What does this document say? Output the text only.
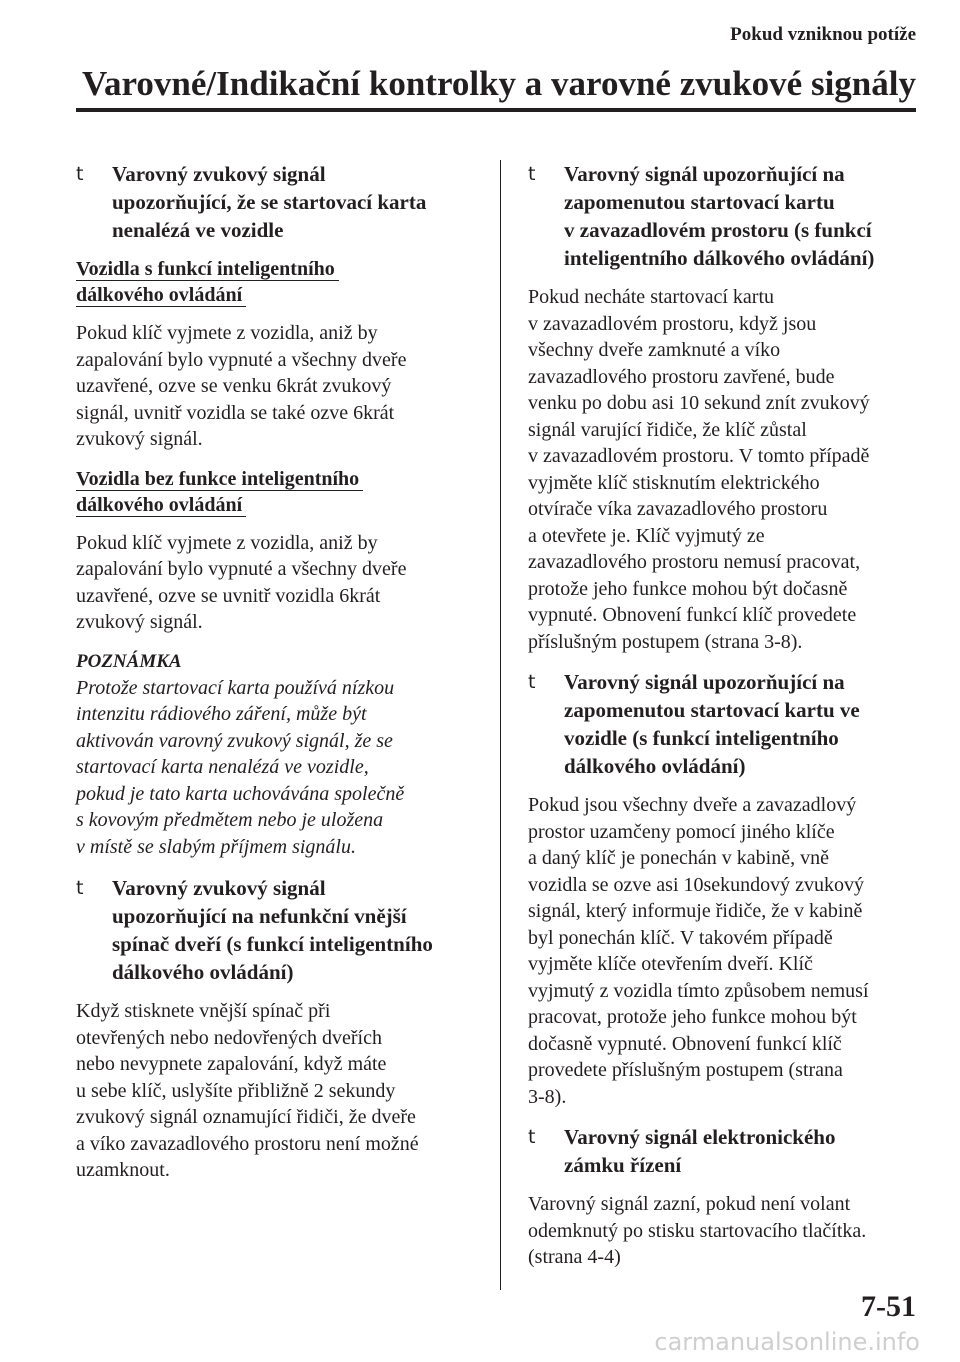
Pokud vzniknou potíže
Varovné/Indikační kontrolky a varovné zvukové signály
t Varovný zvukový signál
upozorňující, že se startovací karta
nenalézá ve vozidle
Vozidla s funkcí inteligentního
dálkového ovládání
Pokud klíč vyjmete z vozidla, aniž by
zapalování bylo vypnuté a všechny dveře
uzavřené, ozve se venku 6krát zvukový
signál, uvnitř vozidla se také ozve 6krát
zvukový signál.
Vozidla bez funkce inteligentního
dálkového ovládání
Pokud klíč vyjmete z vozidla, aniž by
zapalování bylo vypnuté a všechny dveře
uzavřené, ozve se uvnitř vozidla 6krát
zvukový signál.
POZNÁMKA
Protože startovací karta používá nízkou
intenzitu rádiového záření, může být
aktivován varovný zvukový signál, že se
startovací karta nenalézá ve vozidle,
pokud je tato karta uchovávána společně
s kovovým předmětem nebo je uložena
v místě se slabým příjmem signálu.
t Varovný zvukový signál
upozorňující na nefunkční vnější
spínač dveří (s funkcí inteligentního
dálkového ovládání)
Když stisknete vnější spínač při
otevřených nebo nedovřených dveřích
nebo nevypnete zapalování, když máte
u sebe klíč, uslyšíte přibližně 2 sekundy
zvukový signál oznamující řidiči, že dveře
a víko zavazadlového prostoru není možné
uzamknout.
t Varovný signál upozorňující na
zapomenutou startovací kartu
v zavazadlovém prostoru (s funkcí
inteligentního dálkového ovládání)
Pokud necháte startovací kartu
v zavazadlovém prostoru, když jsou
všechny dveře zamknuté a víko
zavazadlového prostoru zavřené, bude
venku po dobu asi 10 sekund znít zvukový
signál varující řidiče, že klíč zůstal
v zavazadlovém prostoru. V tomto případě
vyjměte klíč stisknutím elektrického
otvírače víka zavazadlového prostoru
a otevřete je. Klíč vyjmutý ze
zavazadlového prostoru nemusí pracovat,
protože jeho funkce mohou být dočasně
vypnuté. Obnovení funkcí klíč provedete
příslušným postupem (strana 3-8).
t Varovný signál upozorňující na
zapomenutou startovací kartu ve
vozidle (s funkcí inteligentního
dálkového ovládání)
Pokud jsou všechny dveře a zavazadlový
prostor uzamčeny pomocí jiného klíče
a daný klíč je ponechán v kabině, vně
vozidla se ozve asi 10sekundový zvukový
signál, který informuje řidiče, že v kabině
byl ponechán klíč. V takovém případě
vyjměte klíče otevřením dveří. Klíč
vyjmutý z vozidla tímto způsobem nemusí
pracovat, protože jeho funkce mohou být
dočasně vypnuté. Obnovení funkcí klíč
provedete příslušným postupem (strana
3-8).
t Varovný signál elektronického
zámku řízení
Varovný signál zazní, pokud není volant
odemknutý po stisku startovacího tlačítka.
(strana 4-4)
7-51
carmanualsonline.info
